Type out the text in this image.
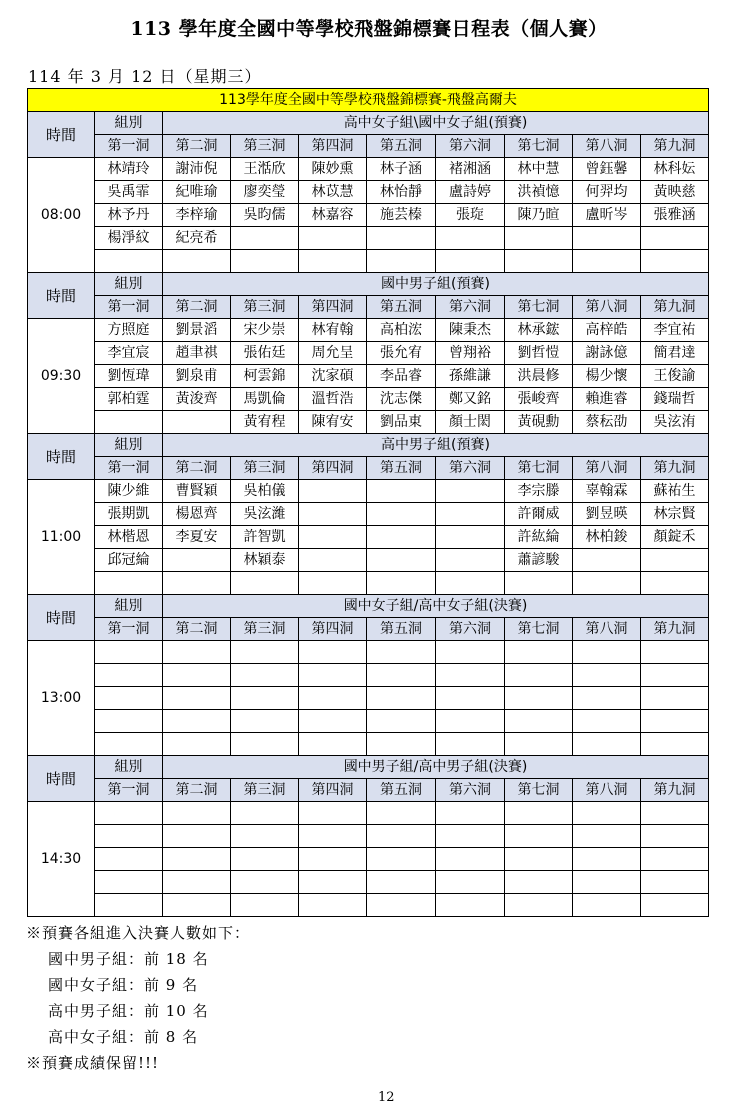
113 學年度全國中等學校飛盤錦標賽日程表（個人賽）
114 年 3 月 12 日（星期三）
113學年度全國中等學校飛盤錦標賽-飛盤高爾夫									
時間	組別	高中女子組\國中女子組(預賽)							
	第一洞	第二洞	第三洞	第四洞	第五洞	第六洞	第七洞	第八洞	第九洞
08:00	林靖玲	謝沛倪	王湉欣	陳妙熏	林子涵	褚湘涵	林中慧	曾鈺馨	林科妘
	吳禹霏	紀唯瑜	廖奕瑩	林苡慧	林怡靜	盧詩婷	洪禎憶	何羿均	黃映慈
	林予丹	李梓瑜	吳昀儒	林嘉容	施芸榛	張琁	陳乃暄	盧昕岑	張雅涵
	楊淨紋	紀亮希							

時間	組別	國中男子組(預賽)							
	第一洞	第二洞	第三洞	第四洞	第五洞	第六洞	第七洞	第八洞	第九洞
09:30	方照庭	劉景滔	宋少崇	林宥翰	高柏浤	陳秉杰	林承鋐	高梓皓	李宜祐
	李宜宸	趙聿祺	張佑廷	周允呈	張允宥	曾翔裕	劉哲愷	謝詠億	簡君達
	劉恆瑋	劉泉甫	柯雲錦	沈家碩	李品睿	孫維謙	洪晨修	楊少懷	王俊諭
	郭柏霆	黃浚齊	馬凱倫	溫哲浩	沈志傑	鄭又銘	張峻齊	賴進睿	錢瑞哲
			黃宥程	陳宥安	劉品東	顏士閎	黃硯勳	蔡秐劭	吳泫洧
時間	組別	高中男子組(預賽)							
	第一洞	第二洞	第三洞	第四洞	第五洞	第六洞	第七洞	第八洞	第九洞
11:00	陳少維	曹賢穎	吳柏儀				李宗滕	辜翰霖	蘇祐生
	張期凱	楊恩齊	吳泫濰				許爾威	劉昱暎	林宗賢
	林楷恩	李夏安	許智凱				許紘綸	林柏鋑	顏錠禾
	邱冠綸		林穎泰				蕭諺駿		

時間	組別	國中女子組/高中女子組(決賽)							
	第一洞	第二洞	第三洞	第四洞	第五洞	第六洞	第七洞	第八洞	第九洞
13:00									

時間	組別	國中男子組/高中男子組(決賽)							
	第一洞	第二洞	第三洞	第四洞	第五洞	第六洞	第七洞	第八洞	第九洞
14:30									

※預賽各組進入決賽人數如下：
國中男子組：前 18 名
國中女子組：前 9 名
高中男子組：前 10 名
高中女子組：前 8 名
※預賽成績保留!!!
12
